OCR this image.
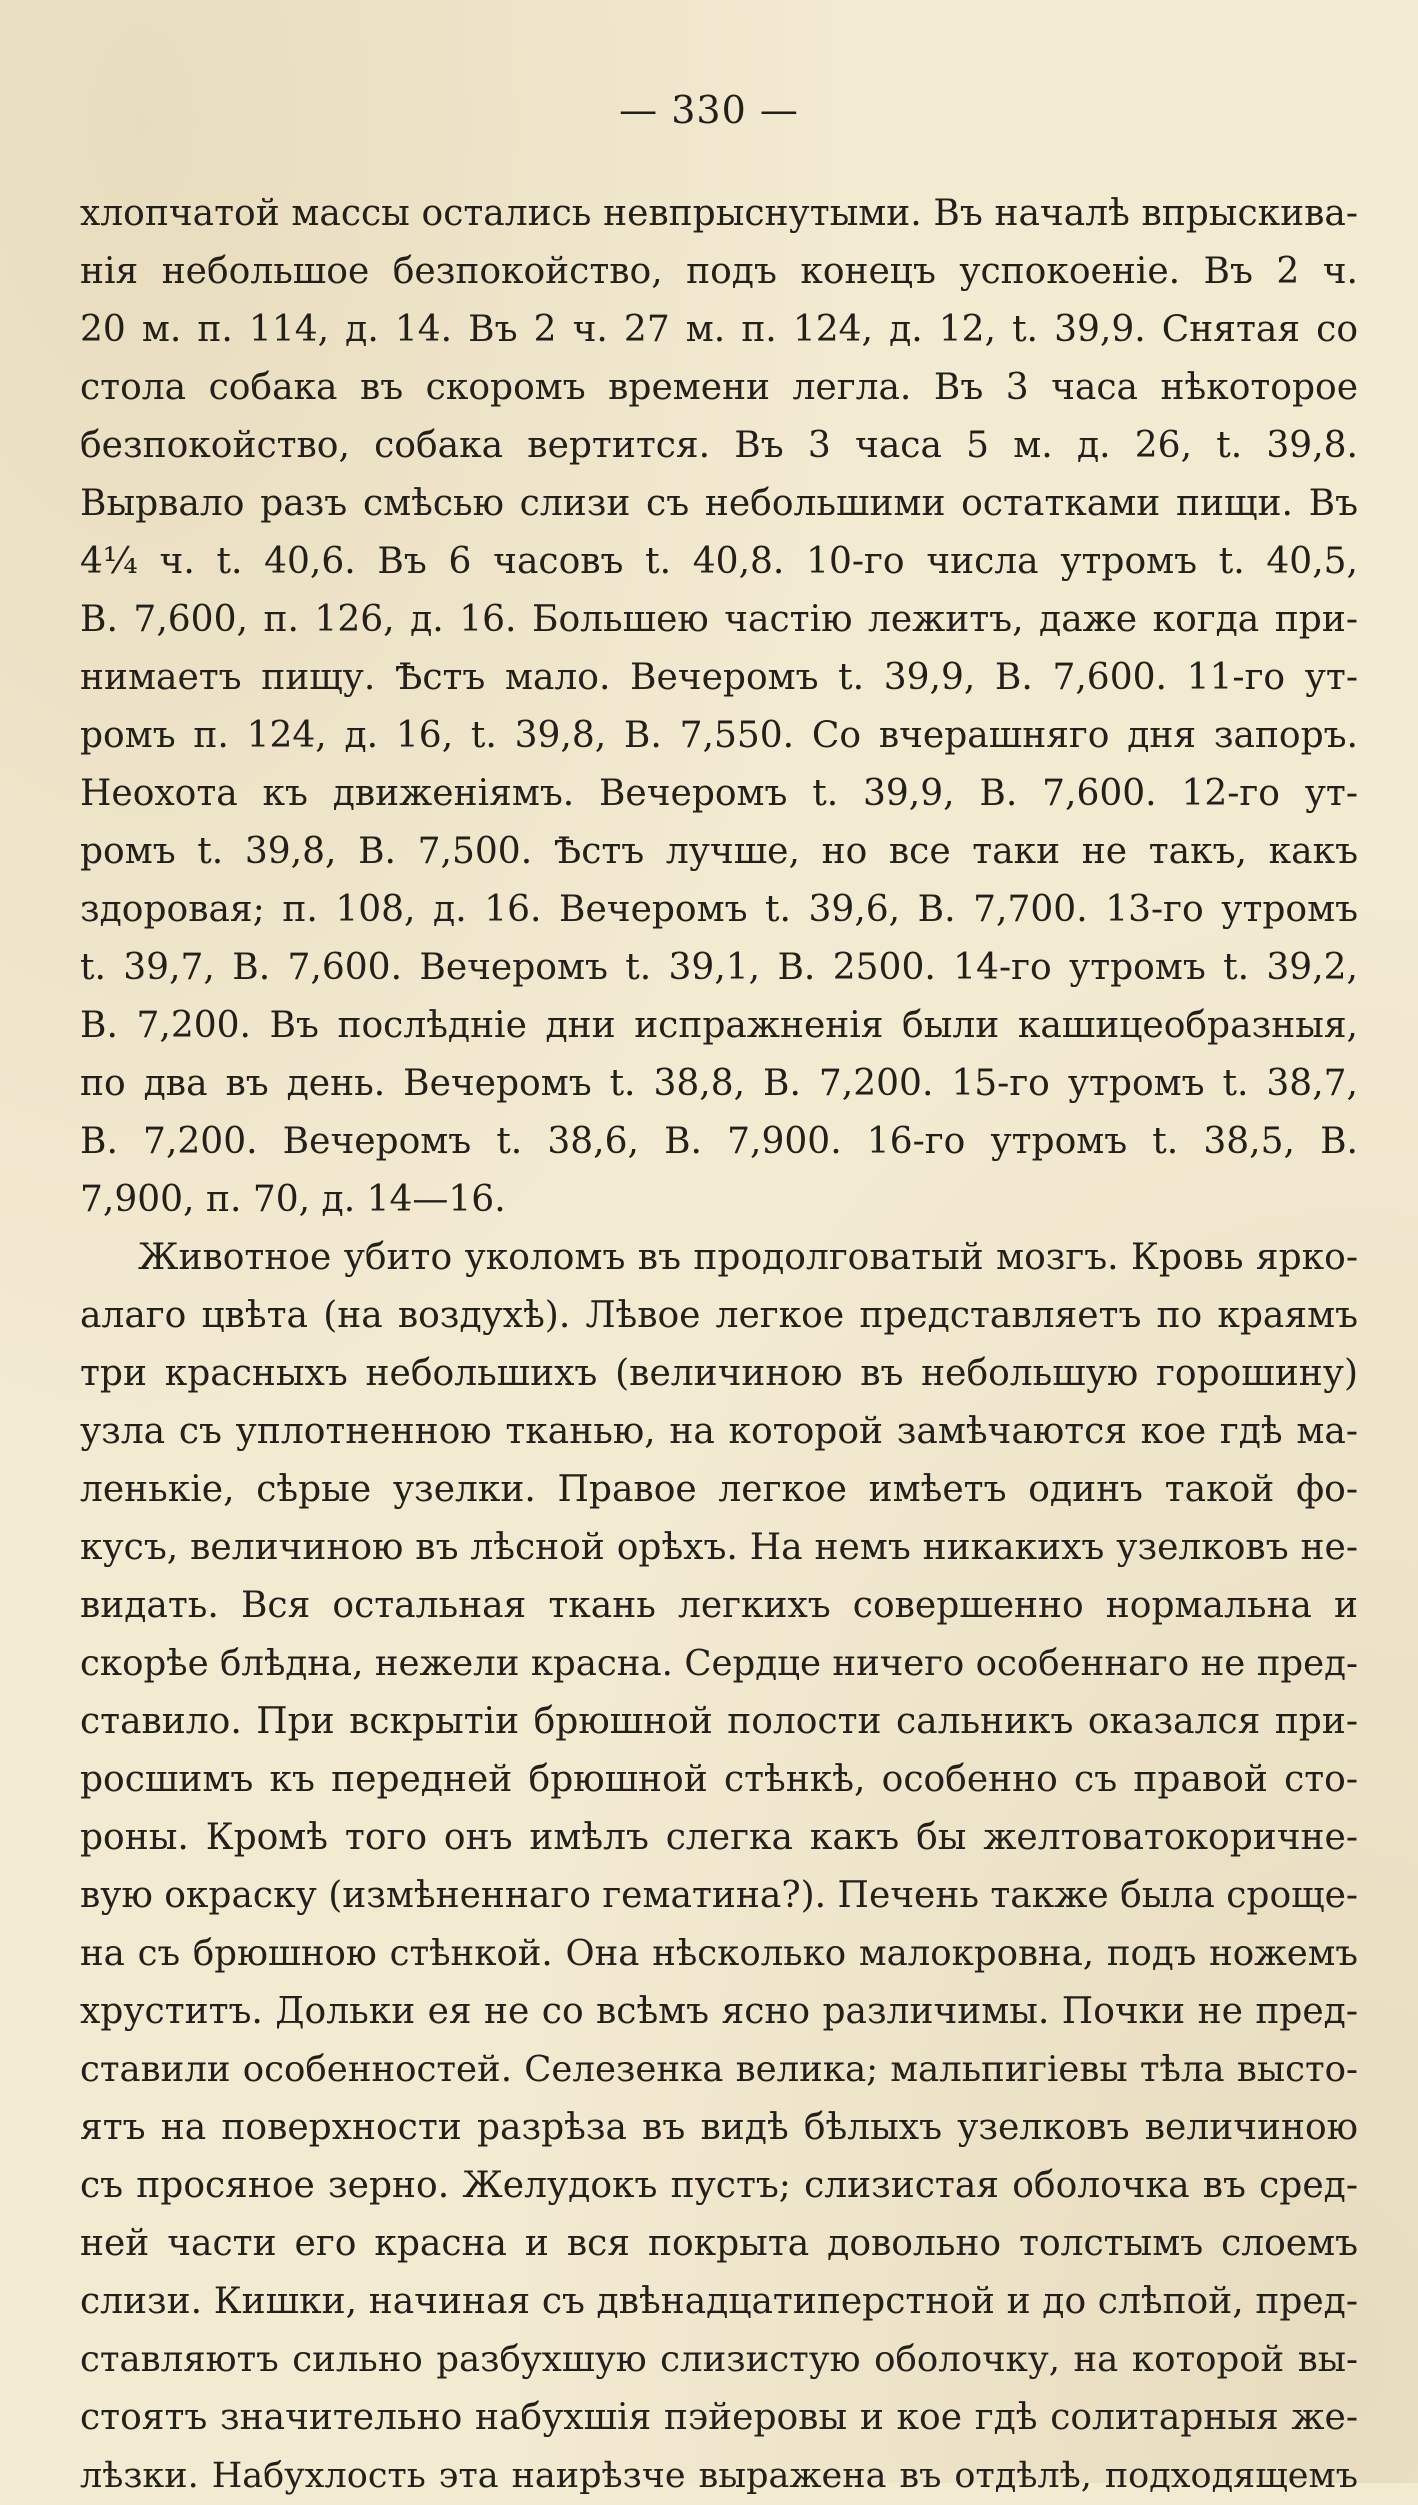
— 330 —
хлопчатой массы остались невпрыснутыми. Въ началѣ впрыскива-
нія небольшое безпокойство, подъ конецъ успокоеніе. Въ 2 ч.
20 м. п. 114, д. 14. Въ 2 ч. 27 м. п. 124, д. 12, t. 39,9. Снятая со
стола собака въ скоромъ времени легла. Въ 3 часа нѣкоторое
безпокойство, собака вертится. Въ 3 часа 5 м. д. 26, t. 39,8.
Вырвало разъ смѣсью слизи съ небольшими остатками пищи. Въ
4¼ ч. t. 40,6. Въ 6 часовъ t. 40,8. 10-го числа утромъ t. 40,5,
В. 7,600, п. 126, д. 16. Большею частію лежитъ, даже когда при-
нимаетъ пищу. Ѣстъ мало. Вечеромъ t. 39,9, В. 7,600. 11-го ут-
ромъ п. 124, д. 16, t. 39,8, В. 7,550. Со вчерашняго дня запоръ.
Неохота къ движеніямъ. Вечеромъ t. 39,9, В. 7,600. 12-го ут-
ромъ t. 39,8, В. 7,500. Ѣстъ лучше, но все таки не такъ, какъ
здоровая; п. 108, д. 16. Вечеромъ t. 39,6, В. 7,700. 13-го утромъ
t. 39,7, В. 7,600. Вечеромъ t. 39,1, В. 2500. 14-го утромъ t. 39,2,
В. 7,200. Въ послѣдніе дни испражненія были кашицеобразныя,
по два въ день. Вечеромъ t. 38,8, В. 7,200. 15-го утромъ t. 38,7,
В. 7,200. Вечеромъ t. 38,6, В. 7,900. 16-го утромъ t. 38,5, В.
7,900, п. 70, д. 14—16.
Животное убито уколомъ въ продолговатый мозгъ. Кровь ярко-
алаго цвѣта (на воздухѣ). Лѣвое легкое представляетъ по краямъ
три красныхъ небольшихъ (величиною въ небольшую горошину)
узла съ уплотненною тканью, на которой замѣчаются кое гдѣ ма-
ленькіе, сѣрые узелки. Правое легкое имѣетъ одинъ такой фо-
кусъ, величиною въ лѣсной орѣхъ. На немъ никакихъ узелковъ не-
видать. Вся остальная ткань легкихъ совершенно нормальна и
скорѣе блѣдна, нежели красна. Сердце ничего особеннаго не пред-
ставило. При вскрытіи брюшной полости сальникъ оказался при-
росшимъ къ передней брюшной стѣнкѣ, особенно съ правой сто-
роны. Кромѣ того онъ имѣлъ слегка какъ бы желтоватокоричне-
вую окраску (измѣненнаго гематина?). Печень также была сроще-
на съ брюшною стѣнкой. Она нѣсколько малокровна, подъ ножемъ
хруститъ. Дольки ея не со всѣмъ ясно различимы. Почки не пред-
ставили особенностей. Селезенка велика; мальпигіевы тѣла высто-
ятъ на поверхности разрѣза въ видѣ бѣлыхъ узелковъ величиною
съ просяное зерно. Желудокъ пустъ; слизистая оболочка въ сред-
ней части его красна и вся покрыта довольно толстымъ слоемъ
слизи. Кишки, начиная съ двѣнадцатиперстной и до слѣпой, пред-
ставляютъ сильно разбухшую слизистую оболочку, на которой вы-
стоятъ значительно набухшія пэйеровы и кое гдѣ солитарныя же-
лѣзки. Набухлость эта наирѣзче выражена въ отдѣлѣ, подходящемъ
